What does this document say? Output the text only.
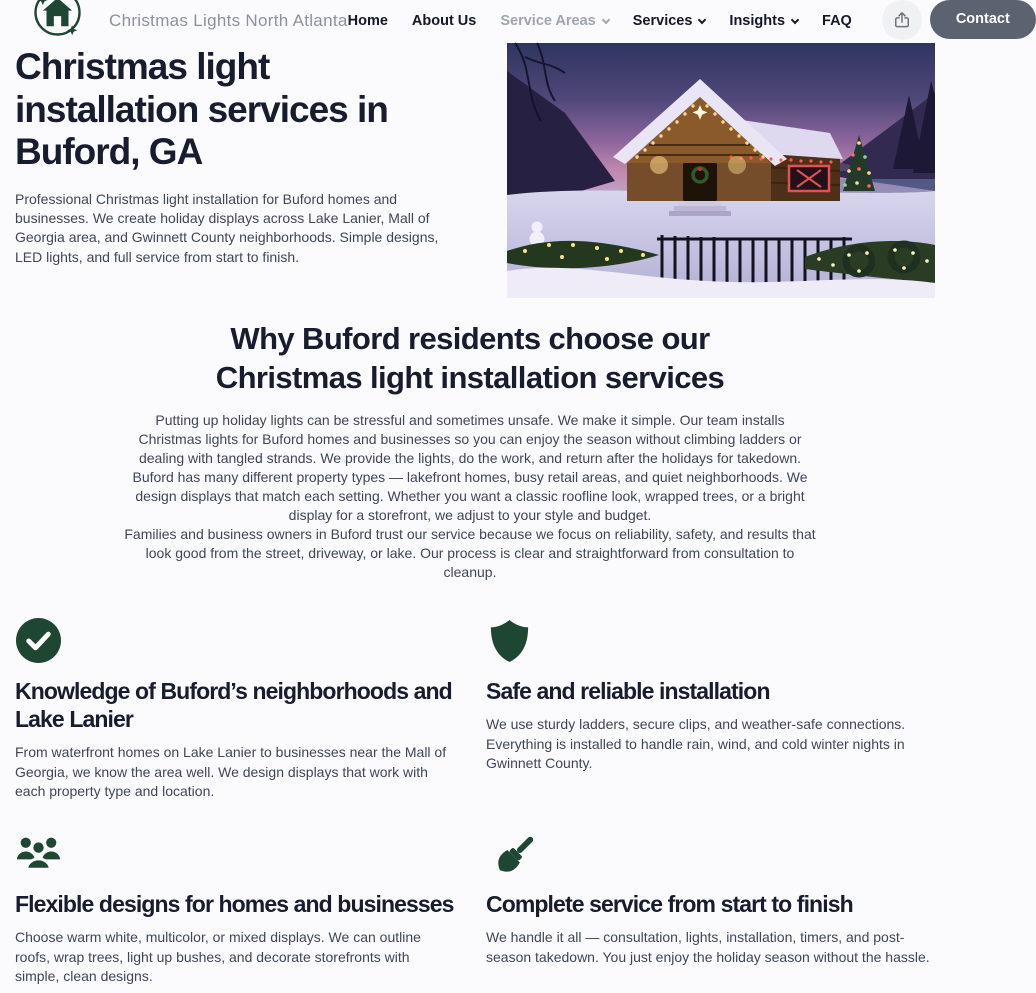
Christmas Lights North Atlanta Home About Us Service Areas	Services	Insights	FAQ	Contact
Christmas light installation services in Buford, GA

Professional Christmas light installation for Buford homes and businesses. We create holiday displays across Lake Lanier, Mall of Georgia area, and Gwinnett County neighborhoods. Simple designs, LED lights, and full service from start to finish.

Why Buford residents choose our Christmas light installation services

Putting up holiday lights can be stressful and sometimes unsafe. We make it simple. Our team installs Christmas lights for Buford homes and businesses so you can enjoy the season without climbing ladders or dealing with tangled strands. We provide the lights, do the work, and return after the holidays for takedown.

Buford has many different property types — lakefront homes, busy retail areas, and quiet neighborhoods. We design displays that match each setting. Whether you want a classic roofline look, wrapped trees, or a bright display for a storefront, we adjust to your style and budget.

Families and business owners in Buford trust our service because we focus on reliability, safety, and results that look good from the street, driveway, or lake. Our process is clear and straightforward from consultation to cleanup.

Knowledge of Buford’s neighborhoods and Lake Lanier

From waterfront homes on Lake Lanier to businesses near the Mall of Georgia, we know the area well. We design displays that work with each property type and location.

Safe and reliable installation

We use sturdy ladders, secure clips, and weather-safe connections. Everything is installed to handle rain, wind, and cold winter nights in Gwinnett County.

Flexible designs for homes and businesses

Choose warm white, multicolor, or mixed displays. We can outline roofs, wrap trees, light up bushes, and decorate storefronts with simple, clean designs.

Complete service from start to finish

We handle it all — consultation, lights, installation, timers, and post-season takedown. You just enjoy the holiday season without the hassle.
